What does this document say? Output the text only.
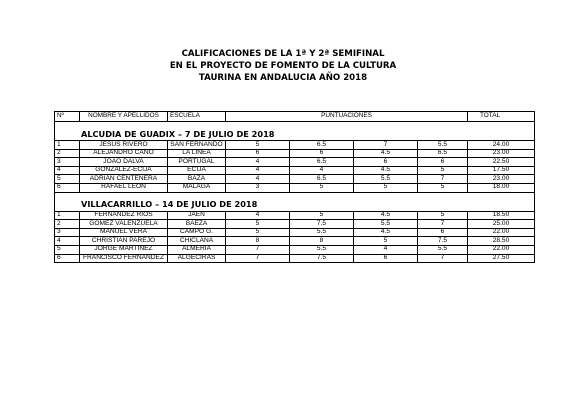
CALIFICACIONES DE LA 1ª Y 2ª SEMIFINAL
EN EL PROYECTO DE FOMENTO DE LA CULTURA
TAURINA EN ANDALUCIA AÑO 2018
Nº	NOMBRE Y APELLIDOS	ESCUELA	PUNTUACIONES				TOTAL

ALCUDIA DE GUADIX – 7 DE JULIO DE 2018							
1	JESUS RIVERO	SAN FERNANDO	5	6.5	7	5.5	24.00
2	ALEJANDRO CANO	LA LINEA	6	6	4.5	6.5	23.00
3	JOAO DALVA	PORTUGAL	4	6.5	6	6	22.50
4	GONZÁLEZ-ECIJA	ECIJA	4	4	4.5	5	17.50
5	ADRIÁN CENTENERA	BAZA	4	6.5	5.5	7	23.00
6	RAFAEL LEÓN	MÁLAGA	3	5	5	5	18.00

VILLACARRILLO – 14 DE JULIO DE 2018							
1	FERNÁNDEZ RIOS	JAEN	4	5	4.5	5	18.50
2	GÓMEZ VALENZUELA	BAEZA	5	7.5	5.5	7	25.00
3	MANUEL VERA	CAMPO G.	5	5.5	4.5	6	22.00
4	CHRISTIAN PAREJO	CHICLANA	8	8	5	7.5	28.50
5	JORGE MARTÍNEZ	ALMERÍA	7	5.5	4	5.5	22.00
6	FRANCISCO FERNÁNDEZ	ALGECIRAS	7	7.5	6	7	27.50
